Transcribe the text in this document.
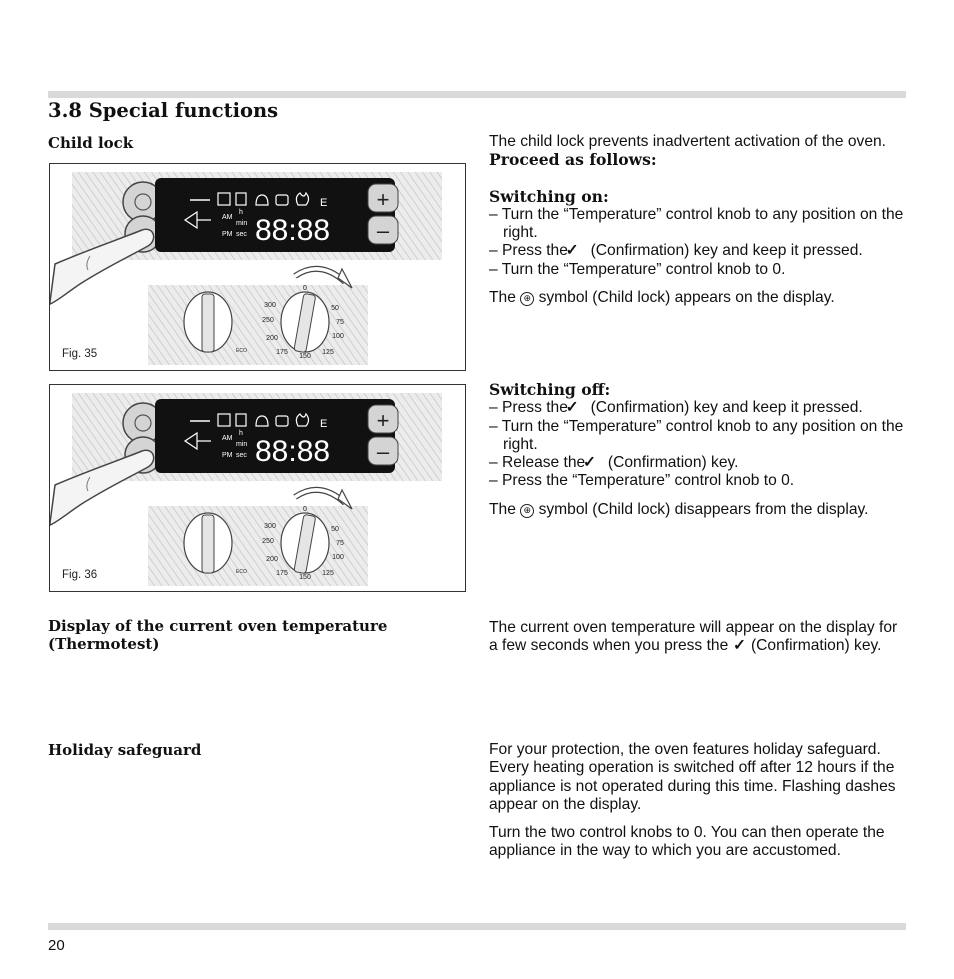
3.8 Special functions
Child lock	The child lock prevents inadvertent activation of the oven.

Proceed as follows:

Switching on:

– Turn the “Temperature” control knob to any position on the right.

– Press the ✓ (Confirmation) key and keep it pressed.

– Turn the “Temperature” control knob to 0.

The ⊕ symbol (Child lock) appears on the display.

Switching off:

– Press the ✓ (Confirmation) key and keep it pressed.

– Turn the “Temperature” control knob to any position on the right.

– Release the ✓ (Confirmation) key.

– Press the “Temperature” control knob to 0.

The ⊕ symbol (Child lock) disappears from the display.

E
AM
PM
h
min
sec 88:88
+
–
ECO
0
50
75
100
125
150
175
200
250
300
Fig. 35
E
AM
PM
h
min
sec 88:88
+
–
ECO
0
50
75
100
125
150
175
200
250
300
Fig. 36
Display of the current oven temperature (Thermotest)

The current oven temperature will appear on the display for a few seconds when you press the ✓ (Confirmation) key.

Holiday safeguard	For your protection, the oven features holiday safeguard. Every heating operation is switched off after 12 hours if the appliance is not operated during this time. Flashing dashes appear on the display.

Turn the two control knobs to 0. You can then operate the appliance in the way to which you are accustomed.

20
